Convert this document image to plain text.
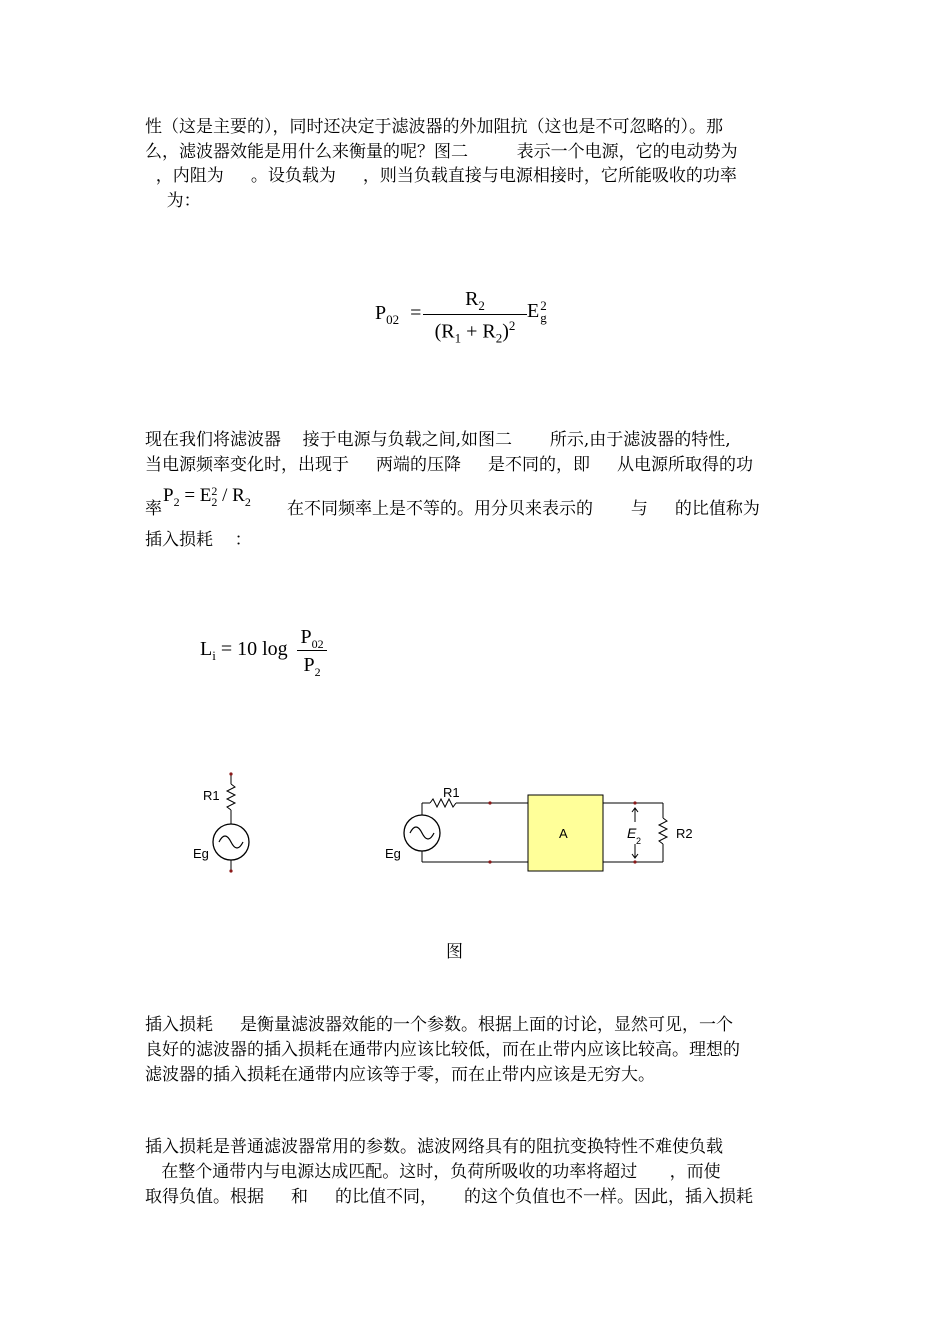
性（这是主要的），同时还决定于滤波器的外加阻抗（这也是不可忽略的）。那

么，滤波器效能是用什么来衡量的呢？图二         表示一个电源，它的电动势为

，内阻为     。设负载为     ，则当负载直接与电源相接时，它所能吸收的功率

为：

$P_{02}$ =
$R_2$
$(R_1 + R_2)^2$
E 2
g

现在我们将滤波器    接于电源与负载之间,如图二       所示,由于滤波器的特性,

当电源频率变化时，出现于     两端的压降     是不同的，即     从电源所取得的功

率

$P_2 = E$ 2
$2 / R_2$ 在不同频率上是不等的。用分贝来表示的       与     的比值称为

插入损耗    ：

$L_i = 10$ log
$P_{02}$
$P_2$
R1
Eg
A	E 2
R1
Eg
R2
图

插入损耗     是衡量滤波器效能的一个参数。根据上面的讨论，显然可见，一个

良好的滤波器的插入损耗在通带内应该比较低，而在止带内应该比较高。理想的

滤波器的插入损耗在通带内应该等于零，而在止带内应该是无穷大。

插入损耗是普通滤波器常用的参数。滤波网络具有的阻抗变换特性不难使负载

在整个通带内与电源达成匹配。这时，负荷所吸收的功率将超过      ，而使

取得负值。根据     和     的比值不同，     的这个负值也不一样。因此，插入损耗
